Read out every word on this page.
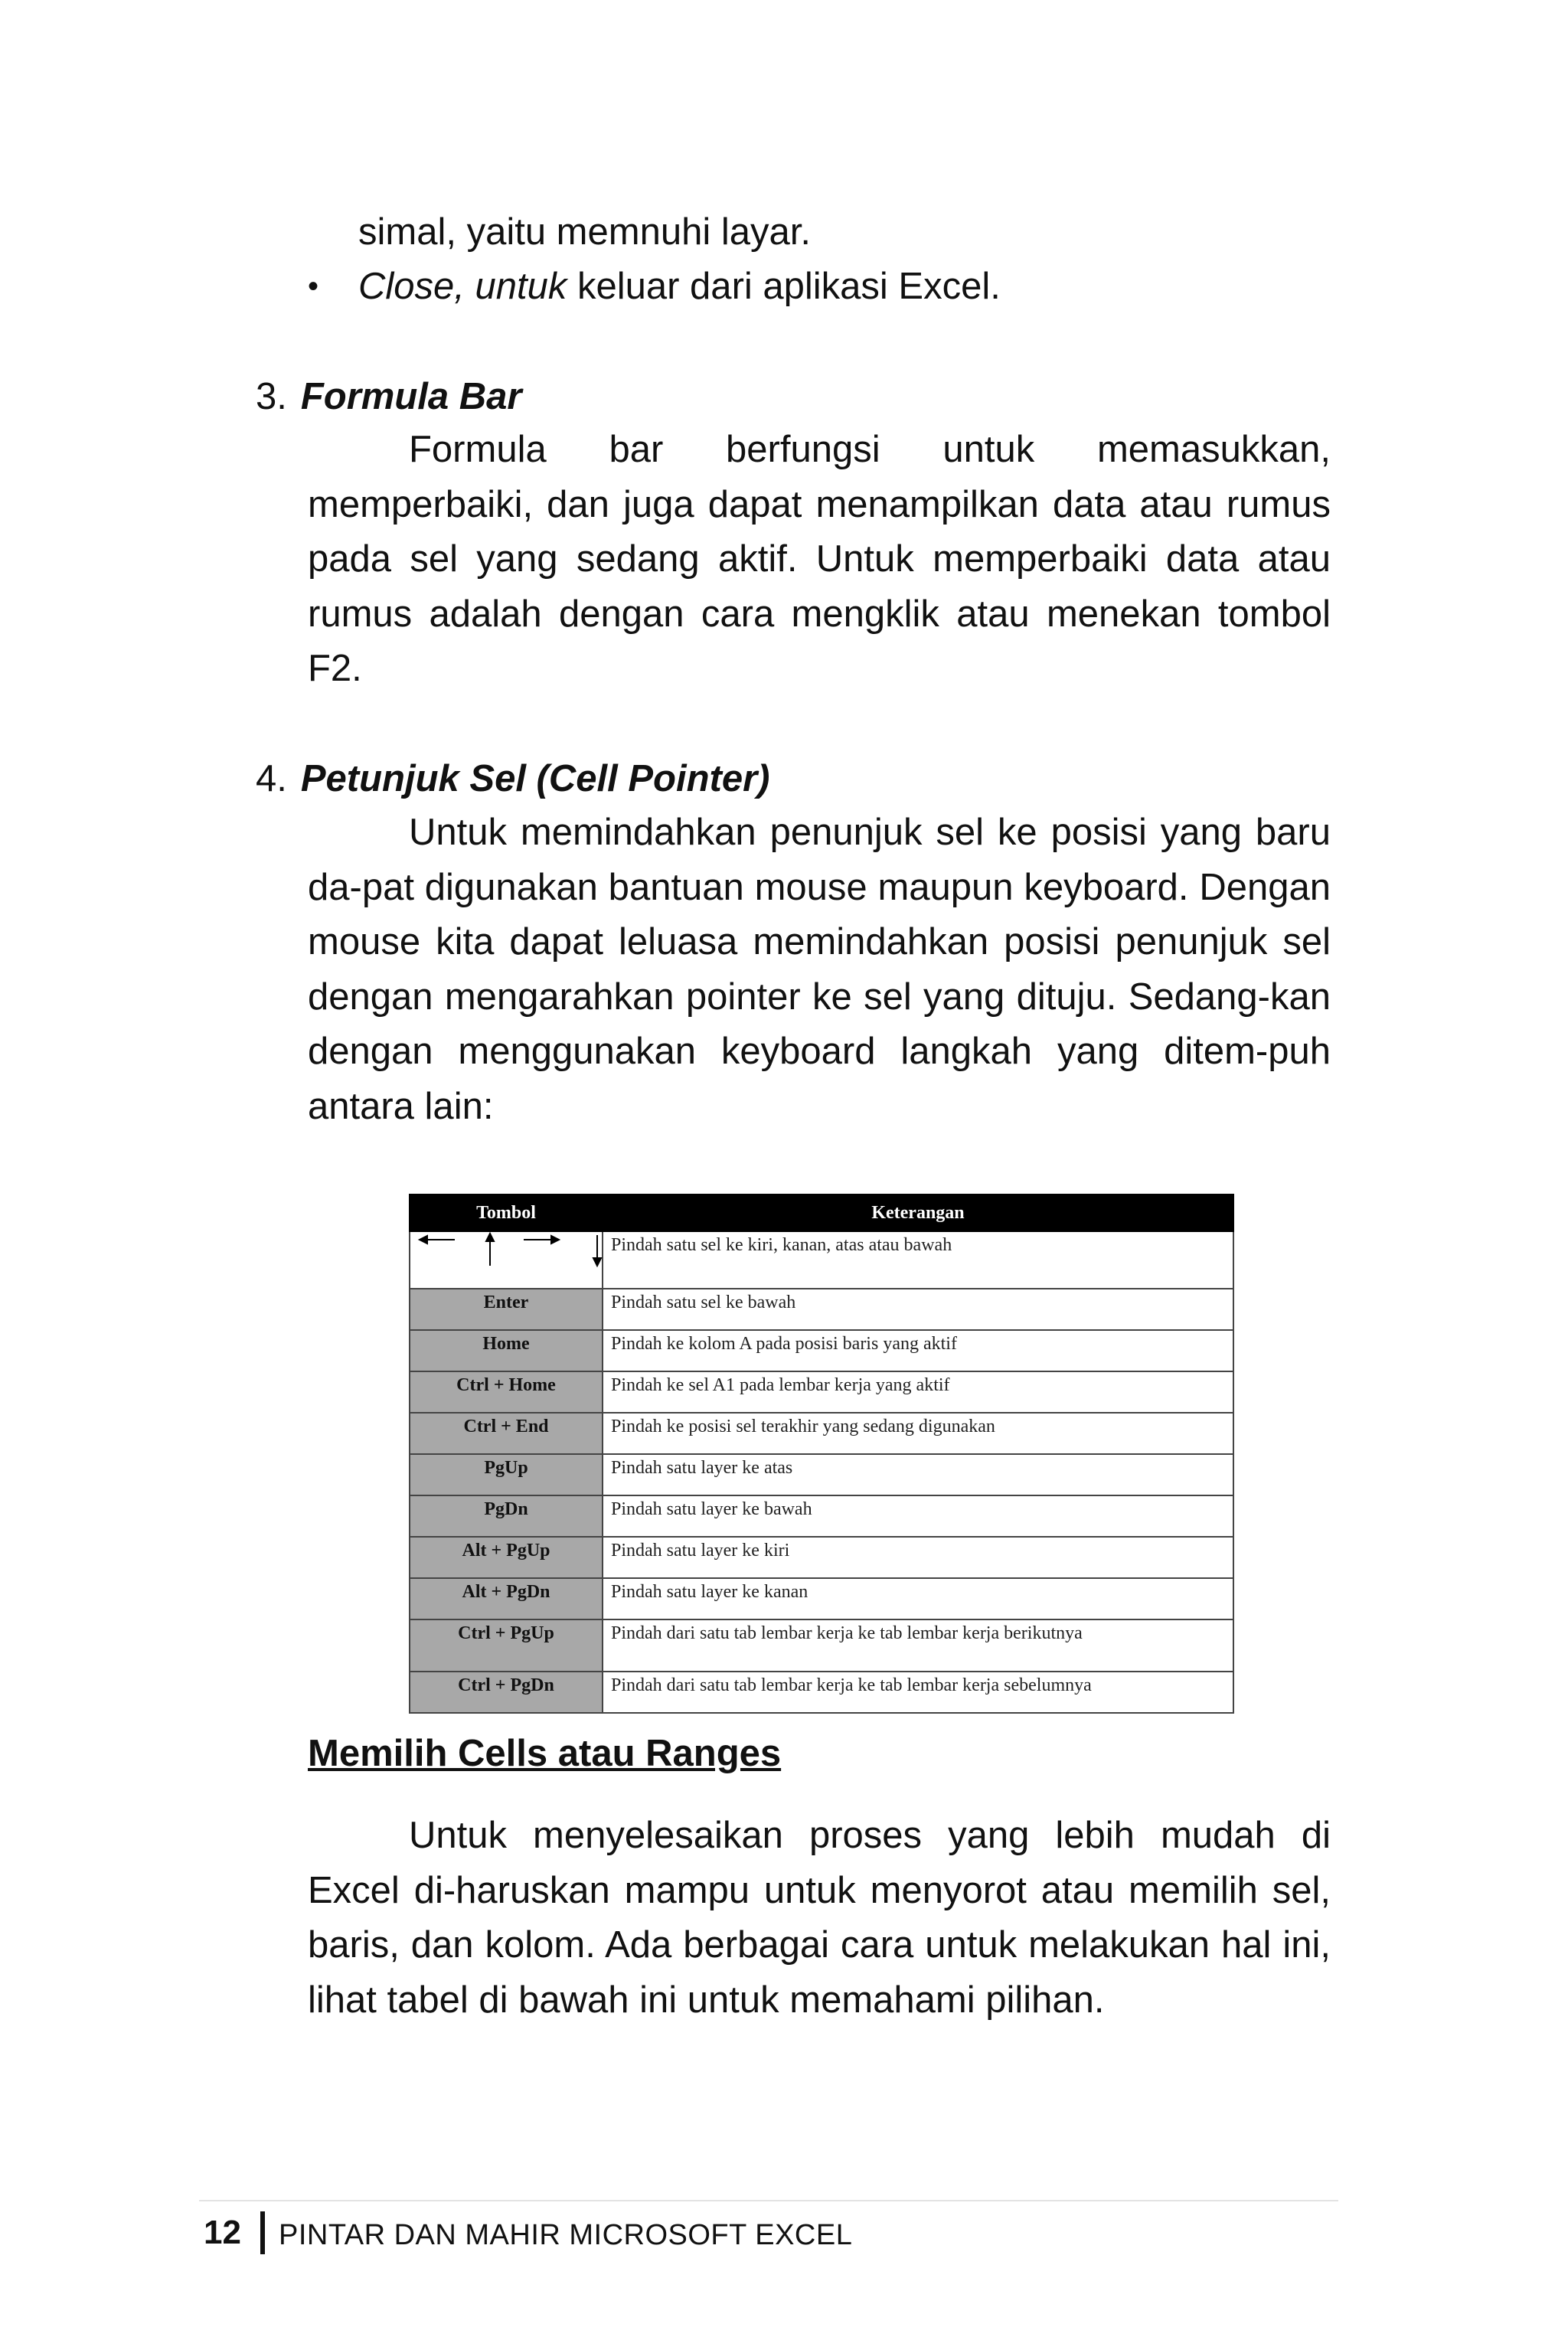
simal, yaitu memnuhi layar.
• Close, untuk keluar dari aplikasi Excel.
3. Formula Bar

Formula bar berfungsi untuk memasukkan, memperbaiki, dan juga dapat menampilkan data atau rumus pada sel yang sedang aktif. Untuk memperbaiki data atau rumus adalah dengan cara mengklik atau menekan tombol F2.

4. Petunjuk Sel (Cell Pointer)

Untuk memindahkan penunjuk sel ke posisi yang baru da-pat digunakan bantuan mouse maupun keyboard. Dengan mouse kita dapat leluasa memindahkan posisi penunjuk sel dengan mengarahkan pointer ke sel yang dituju. Sedang-kan dengan menggunakan keyboard langkah yang ditem-puh antara lain:

Tombol	Keterangan
	Pindah satu sel ke kiri, kanan, atas atau bawah
Enter	Pindah satu sel ke bawah
Home	Pindah ke kolom A pada posisi baris yang aktif
Ctrl + Home	Pindah ke sel A1 pada lembar kerja yang aktif
Ctrl + End	Pindah ke posisi sel terakhir yang sedang digunakan
PgUp	Pindah satu layer ke atas
PgDn	Pindah satu layer ke bawah
Alt + PgUp	Pindah satu layer ke kiri
Alt + PgDn	Pindah satu layer ke kanan
Ctrl + PgUp	Pindah dari satu tab lembar kerja ke tab lembar kerja berikutnya
Ctrl + PgDn	Pindah dari satu tab lembar kerja ke tab lembar kerja sebelumnya
Memilih Cells atau Ranges

Untuk menyelesaikan proses yang lebih mudah di Excel di-haruskan mampu untuk menyorot atau memilih sel, baris, dan kolom. Ada berbagai cara untuk melakukan hal ini, lihat tabel di bawah ini untuk memahami pilihan.

12 PINTAR DAN MAHIR MICROSOFT EXCEL
